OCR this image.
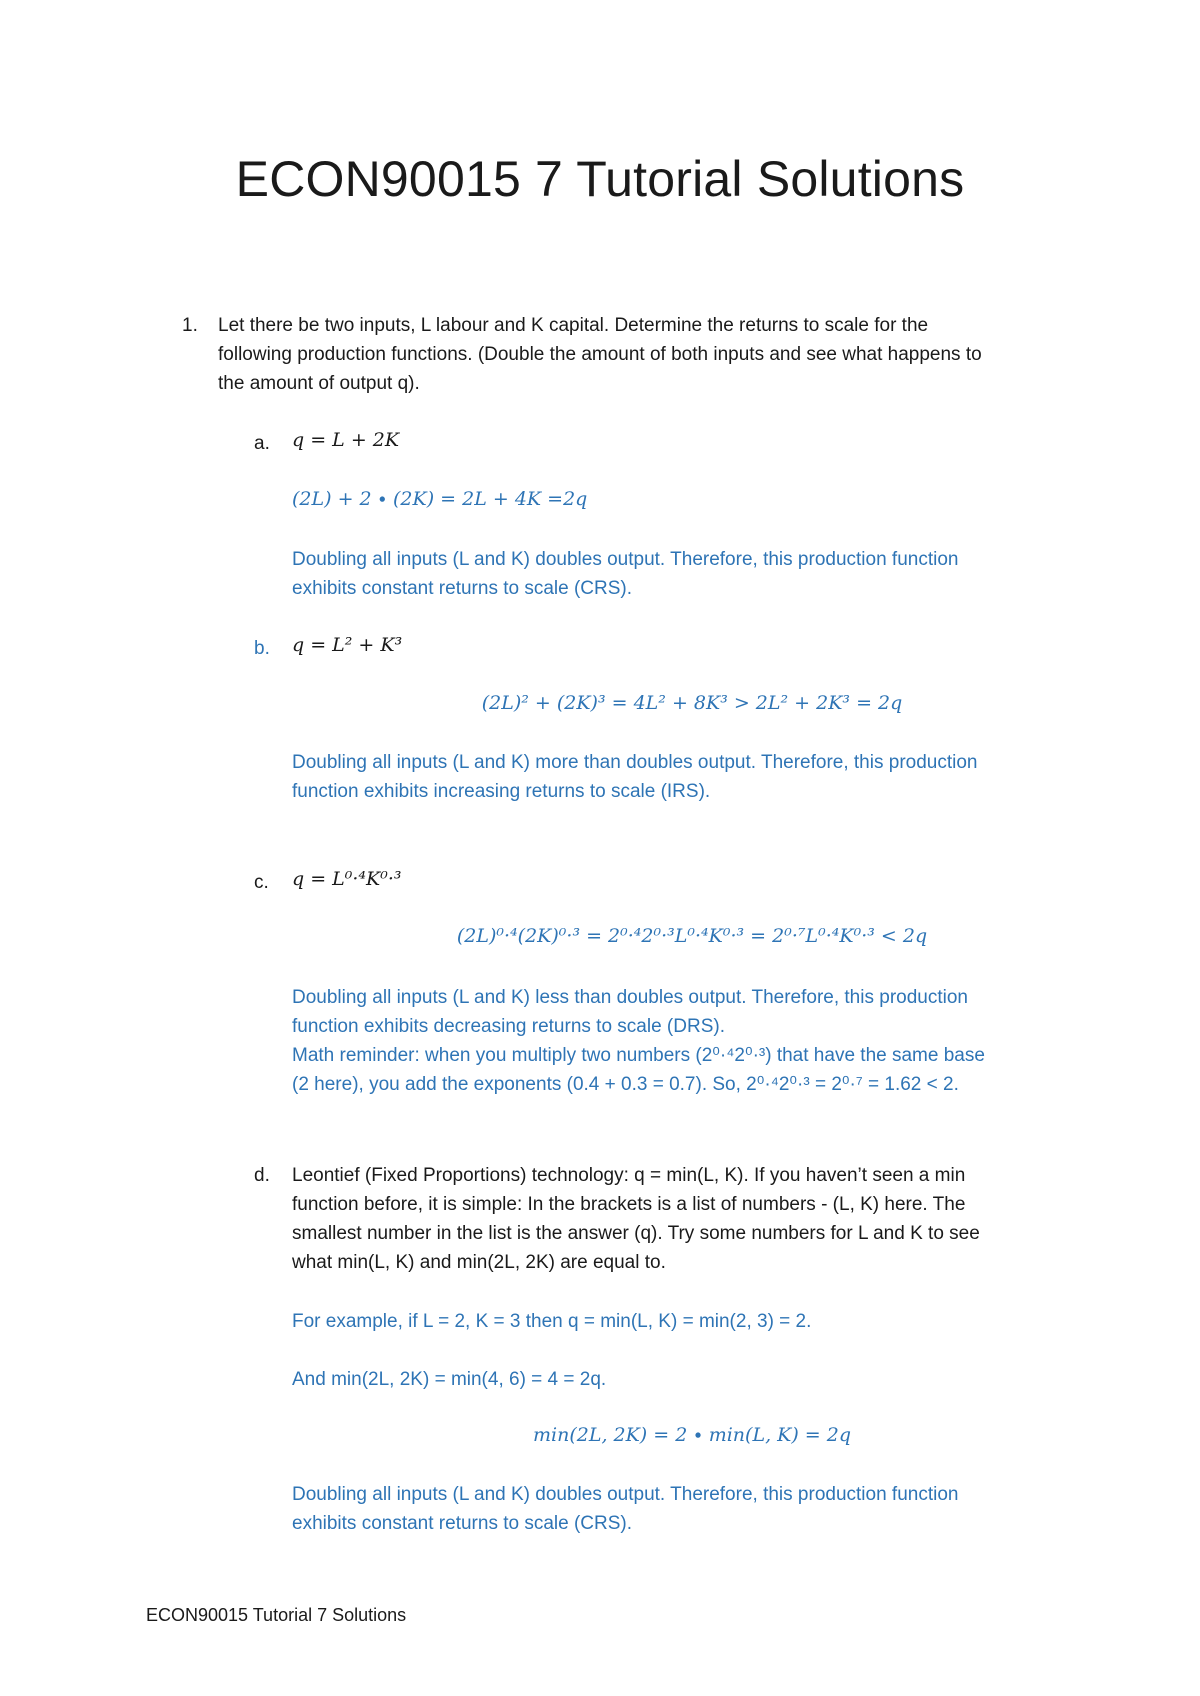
ECON90015 7 Tutorial Solutions
1. Let there be two inputs, L labour and K capital. Determine the returns to scale for the
following production functions. (Double the amount of both inputs and see what happens to
the amount of output q).
a. q = L + 2K
(2L) + 2 ∙ (2K) = 2L + 4K =2q
Doubling all inputs (L and K) doubles output. Therefore, this production function
exhibits constant returns to scale (CRS).
b. q = L² + K³
(2L)² + (2K)³ = 4L² + 8K³ > 2L² + 2K³ = 2q
Doubling all inputs (L and K) more than doubles output. Therefore, this production
function exhibits increasing returns to scale (IRS).
c. q = L⁰·⁴K⁰·³
(2L)⁰·⁴(2K)⁰·³ = 2⁰·⁴2⁰·³L⁰·⁴K⁰·³ = 2⁰·⁷L⁰·⁴K⁰·³ < 2q
Doubling all inputs (L and K) less than doubles output. Therefore, this production
function exhibits decreasing returns to scale (DRS).
Math reminder: when you multiply two numbers (2⁰·⁴2⁰·³) that have the same base
(2 here), you add the exponents (0.4 + 0.3 = 0.7). So, 2⁰·⁴2⁰·³ = 2⁰·⁷ = 1.62 < 2.
d. Leontief (Fixed Proportions) technology: q = min(L, K). If you haven’t seen a min
function before, it is simple: In the brackets is a list of numbers - (L, K) here. The
smallest number in the list is the answer (q). Try some numbers for L and K to see
what min(L, K) and min(2L, 2K) are equal to.
For example, if L = 2, K = 3 then q = min(L, K) = min(2, 3) = 2.
And min(2L, 2K) = min(4, 6) = 4 = 2q.
min(2L, 2K) = 2 ∙ min(L, K) = 2q
Doubling all inputs (L and K) doubles output. Therefore, this production function
exhibits constant returns to scale (CRS).
ECON90015 Tutorial 7 Solutions
